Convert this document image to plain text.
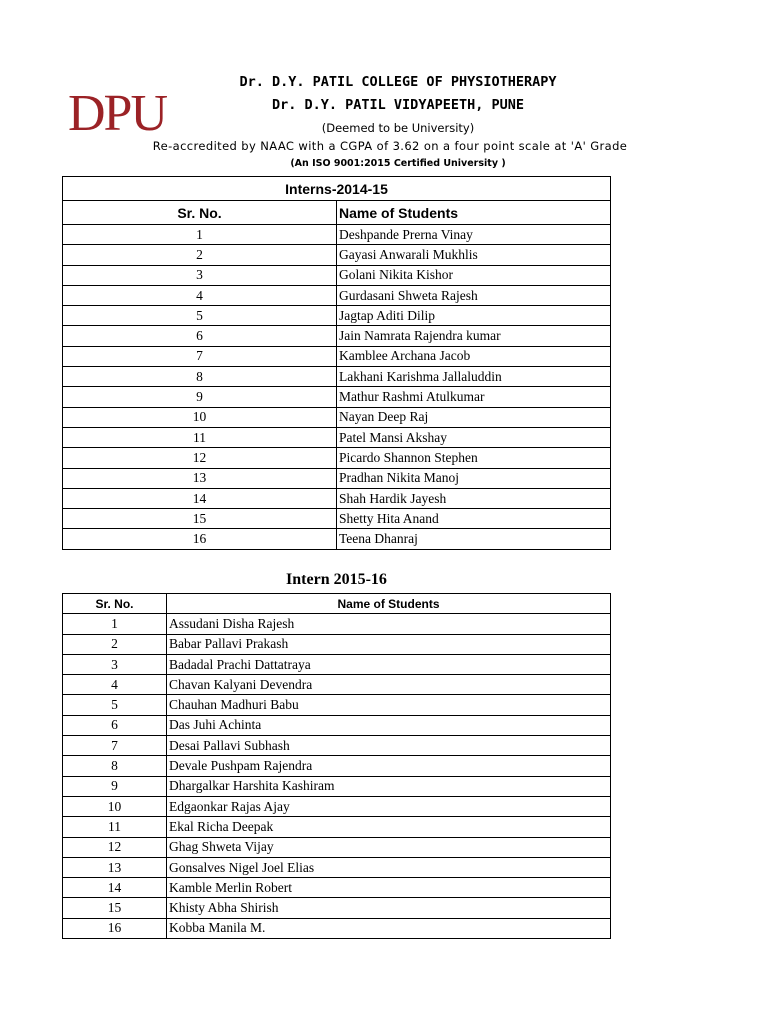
DPU
Dr. D.Y. PATIL COLLEGE OF PHYSIOTHERAPY
Dr. D.Y. PATIL VIDYAPEETH, PUNE
(Deemed to be University)
Re-accredited by NAAC with a CGPA of 3.62 on a four point scale at 'A' Grade
(An ISO 9001:2015 Certified University )
Interns-2014-15	
Sr. No.	Name of Students
1	Deshpande Prerna Vinay
2	Gayasi Anwarali Mukhlis
3	Golani Nikita Kishor
4	Gurdasani Shweta Rajesh
5	Jagtap Aditi Dilip
6	Jain Namrata Rajendra kumar
7	Kamblee Archana Jacob
8	Lakhani Karishma Jallaluddin
9	Mathur Rashmi Atulkumar
10	Nayan Deep Raj
11	Patel Mansi Akshay
12	Picardo Shannon Stephen
13	Pradhan Nikita Manoj
14	Shah Hardik Jayesh
15	Shetty Hita Anand
16	Teena Dhanraj
Intern 2015-16
Sr. No.	Name of Students
1	Assudani Disha Rajesh
2	Babar Pallavi Prakash
3	Badadal Prachi Dattatraya
4	Chavan Kalyani Devendra
5	Chauhan Madhuri Babu
6	Das Juhi Achinta
7	Desai Pallavi Subhash
8	Devale Pushpam Rajendra
9	Dhargalkar Harshita Kashiram
10	Edgaonkar Rajas Ajay
11	Ekal Richa Deepak
12	Ghag Shweta Vijay
13	Gonsalves Nigel Joel Elias
14	Kamble Merlin Robert
15	Khisty Abha Shirish
16	Kobba Manila M.
